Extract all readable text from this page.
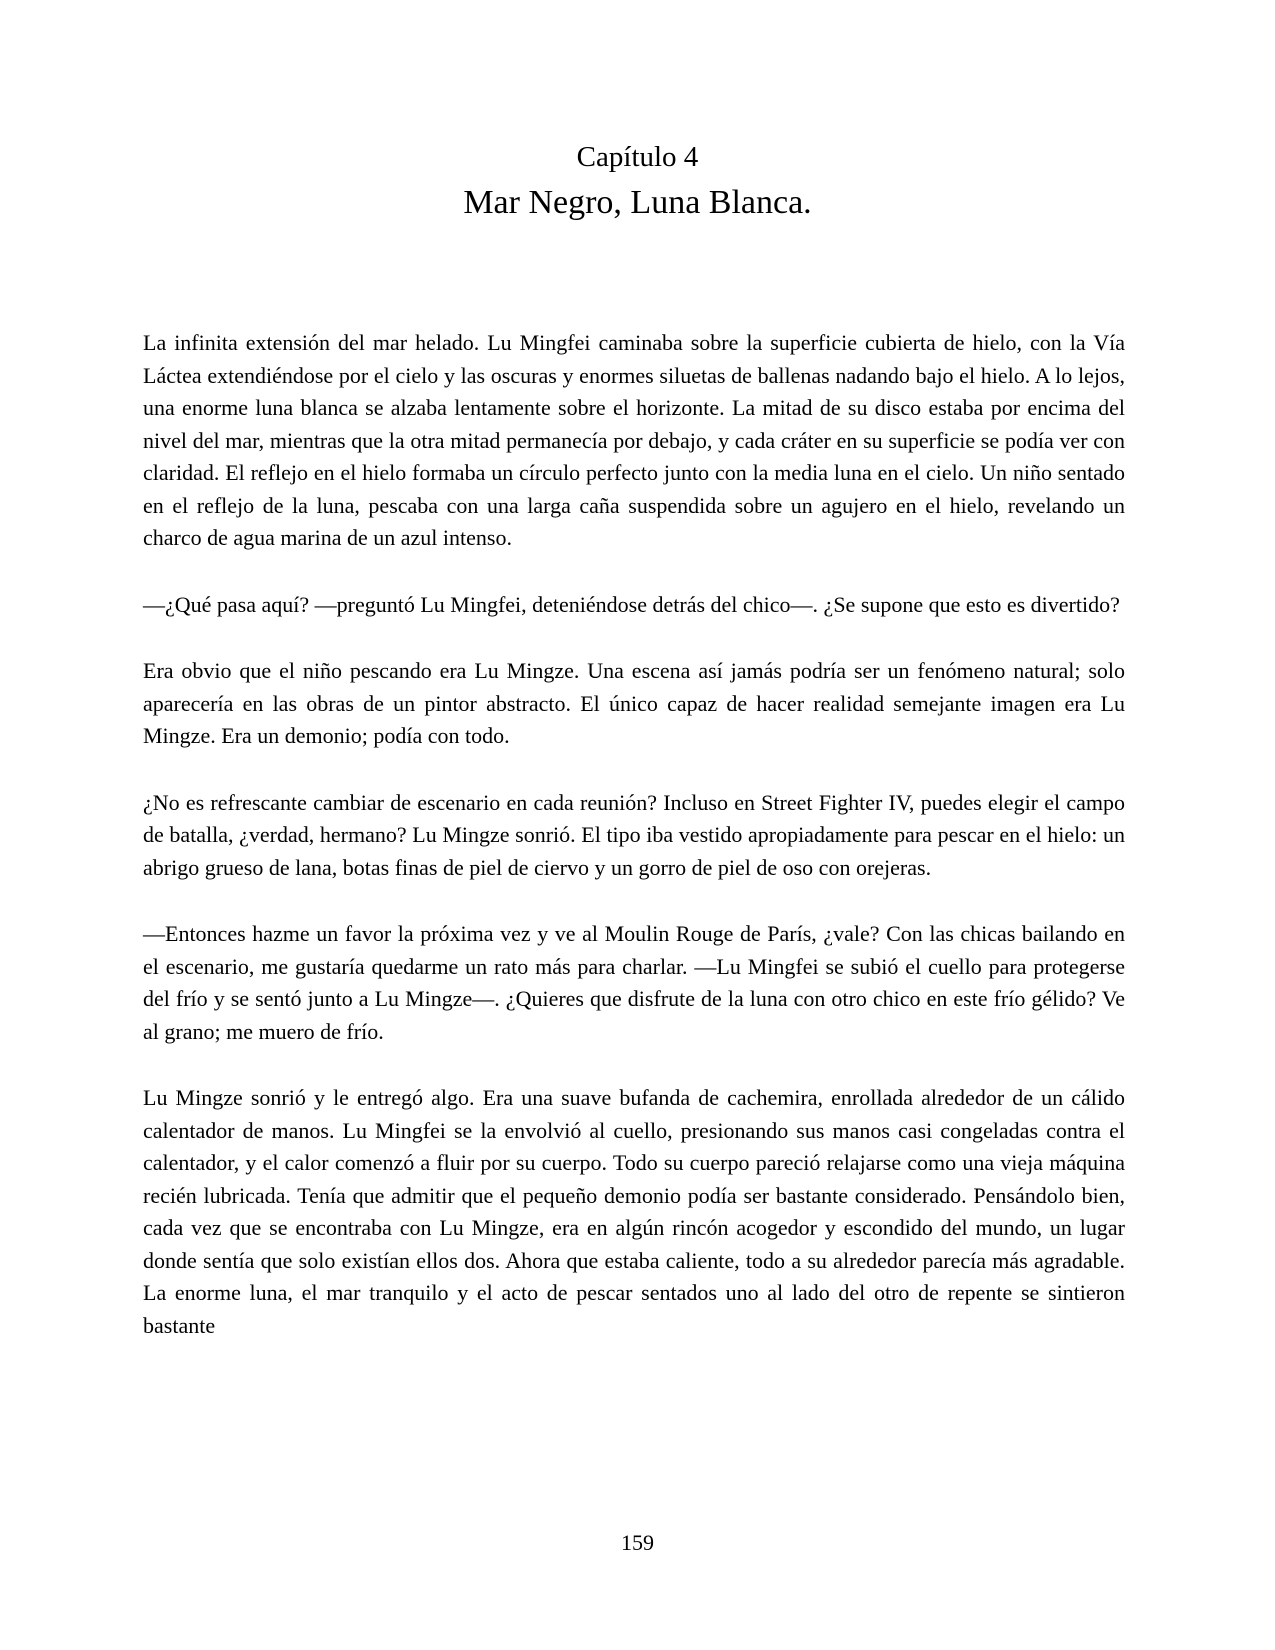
Capítulo 4
Mar Negro, Luna Blanca.

La infinita extensión del mar helado. Lu Mingfei caminaba sobre la superficie cubierta de hielo, con la Vía Láctea extendiéndose por el cielo y las oscuras y enormes siluetas de ballenas nadando bajo el hielo. A lo lejos, una enorme luna blanca se alzaba lentamente sobre el horizonte. La mitad de su disco estaba por encima del nivel del mar, mientras que la otra mitad permanecía por debajo, y cada cráter en su superficie se podía ver con claridad. El reflejo en el hielo formaba un círculo perfecto junto con la media luna en el cielo. Un niño sentado en el reflejo de la luna, pescaba con una larga caña suspendida sobre un agujero en el hielo, revelando un charco de agua marina de un azul intenso.

—¿Qué pasa aquí? —preguntó Lu Mingfei, deteniéndose detrás del chico—. ¿Se supone que esto es divertido?

Era obvio que el niño pescando era Lu Mingze. Una escena así jamás podría ser un fenómeno natural; solo aparecería en las obras de un pintor abstracto. El único capaz de hacer realidad semejante imagen era Lu Mingze. Era un demonio; podía con todo.

¿No es refrescante cambiar de escenario en cada reunión? Incluso en Street Fighter IV, puedes elegir el campo de batalla, ¿verdad, hermano? Lu Mingze sonrió. El tipo iba vestido apropiadamente para pescar en el hielo: un abrigo grueso de lana, botas finas de piel de ciervo y un gorro de piel de oso con orejeras.

—Entonces hazme un favor la próxima vez y ve al Moulin Rouge de París, ¿vale? Con las chicas bailando en el escenario, me gustaría quedarme un rato más para charlar. —Lu Mingfei se subió el cuello para protegerse del frío y se sentó junto a Lu Mingze—. ¿Quieres que disfrute de la luna con otro chico en este frío gélido? Ve al grano; me muero de frío.

Lu Mingze sonrió y le entregó algo. Era una suave bufanda de cachemira, enrollada alrededor de un cálido calentador de manos. Lu Mingfei se la envolvió al cuello, presionando sus manos casi congeladas contra el calentador, y el calor comenzó a fluir por su cuerpo. Todo su cuerpo pareció relajarse como una vieja máquina recién lubricada. Tenía que admitir que el pequeño demonio podía ser bastante considerado. Pensándolo bien, cada vez que se encontraba con Lu Mingze, era en algún rincón acogedor y escondido del mundo, un lugar donde sentía que solo existían ellos dos. Ahora que estaba caliente, todo a su alrededor parecía más agradable. La enorme luna, el mar tranquilo y el acto de pescar sentados uno al lado del otro de repente se sintieron bastante

159
